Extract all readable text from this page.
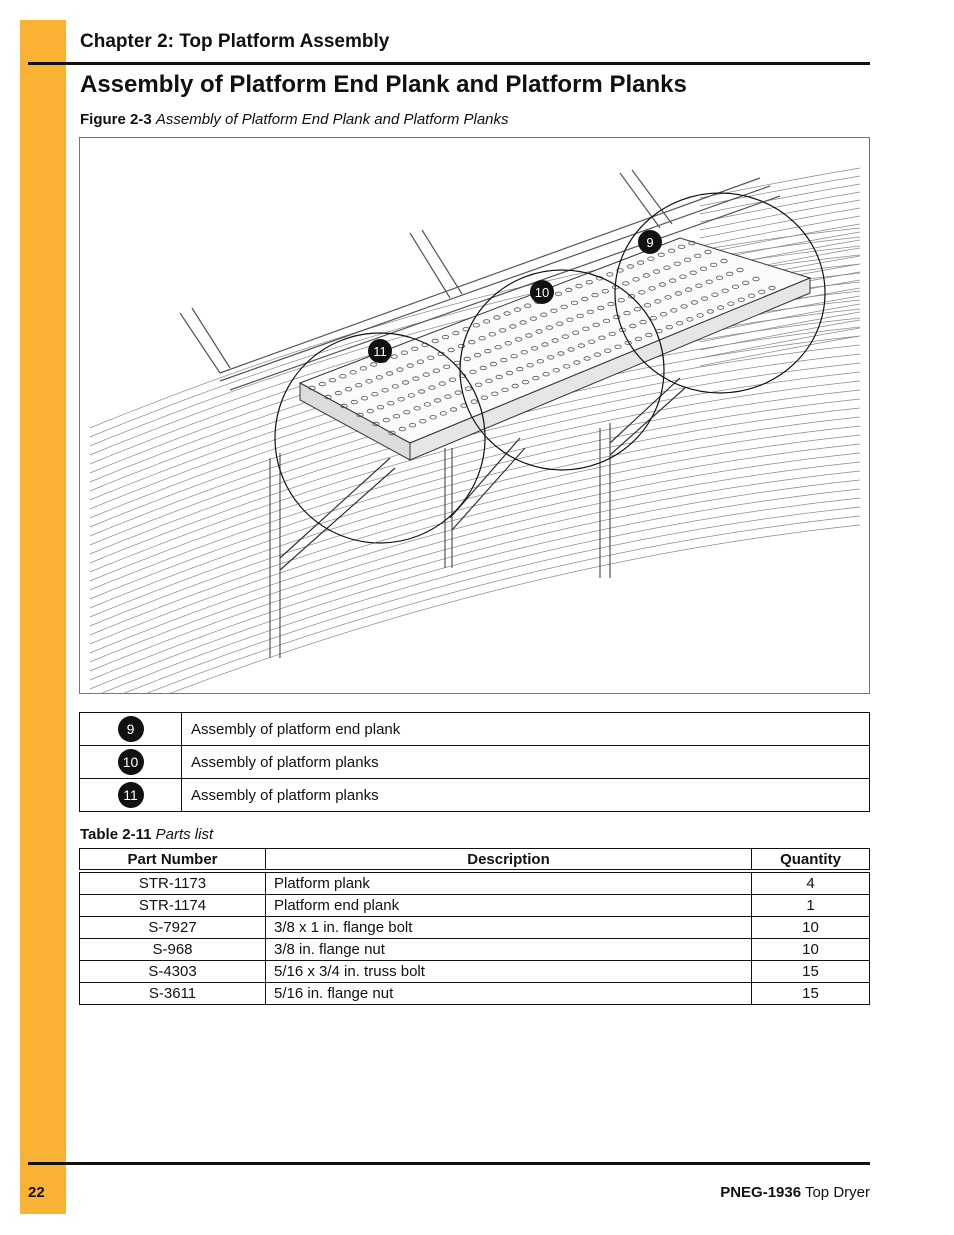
Chapter 2: Top Platform Assembly
Assembly of Platform End Plank and Platform Planks
Figure 2-3 Assembly of Platform End Plank and Platform Planks
9
10
11
9	Assembly of platform end plank
10	Assembly of platform planks
11	Assembly of platform planks
Table 2-11 Parts list
Part Number	Description	Quantity
STR-1173	Platform plank	4
STR-1174	Platform end plank	1
S-7927	3/8 x 1 in. flange bolt	10
S-968	3/8 in. flange nut	10
S-4303	5/16 x 3/4 in. truss bolt	15
S-3611	5/16 in. flange nut	15
22	PNEG-1936 Top Dryer
